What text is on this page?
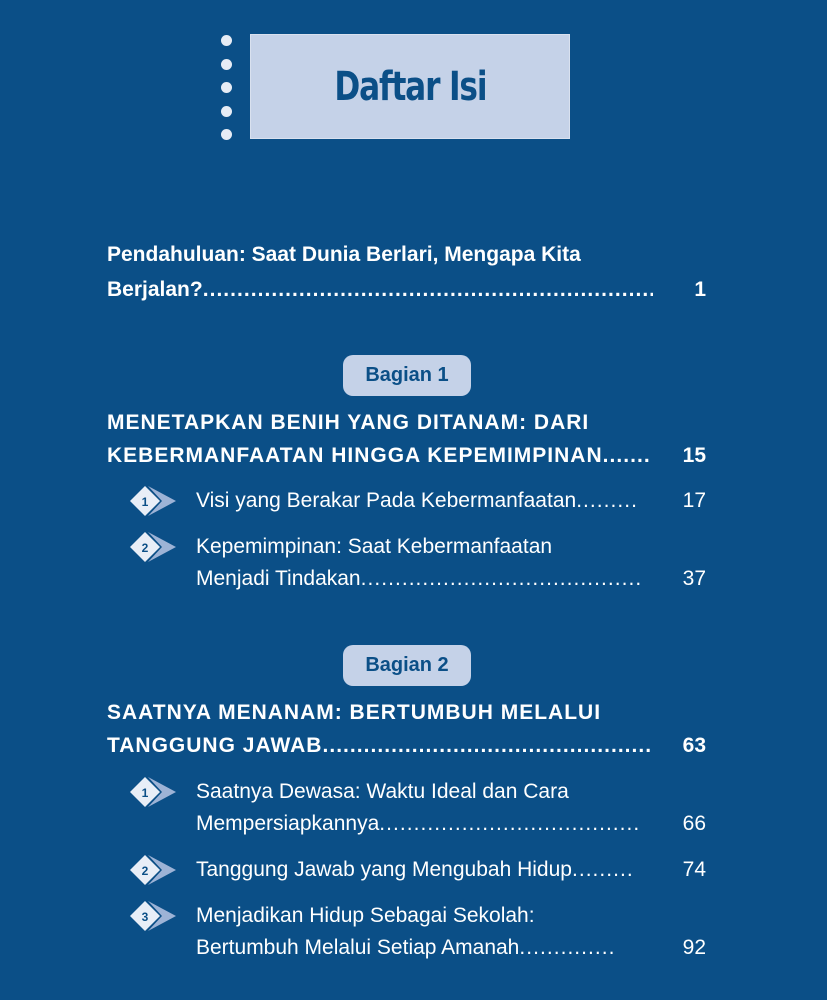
Daftar Isi
Pendahuluan: Saat Dunia Berlari, Mengapa Kita
Berjalan? . . .	1
Bagian 1
MENETAPKAN BENIH YANG DITANAM: DARI
KEBERMANFAATAN HINGGA KEPEMIMPINAN . . .	15
1 Visi yang Berakar Pada Kebermanfaatan . . .	17
2 Kepemimpinan: Saat Kebermanfaatan
Menjadi Tindakan . . .	37
Bagian 2
SAATNYA MENANAM: BERTUMBUH MELALUI
TANGGUNG JAWAB . . .	63
1 Saatnya Dewasa: Waktu Ideal dan Cara
Mempersiapkannya . . .	66
2 Tanggung Jawab yang Mengubah Hidup . . .	74
3 Menjadikan Hidup Sebagai Sekolah:
Bertumbuh Melalui Setiap Amanah . . .	92
